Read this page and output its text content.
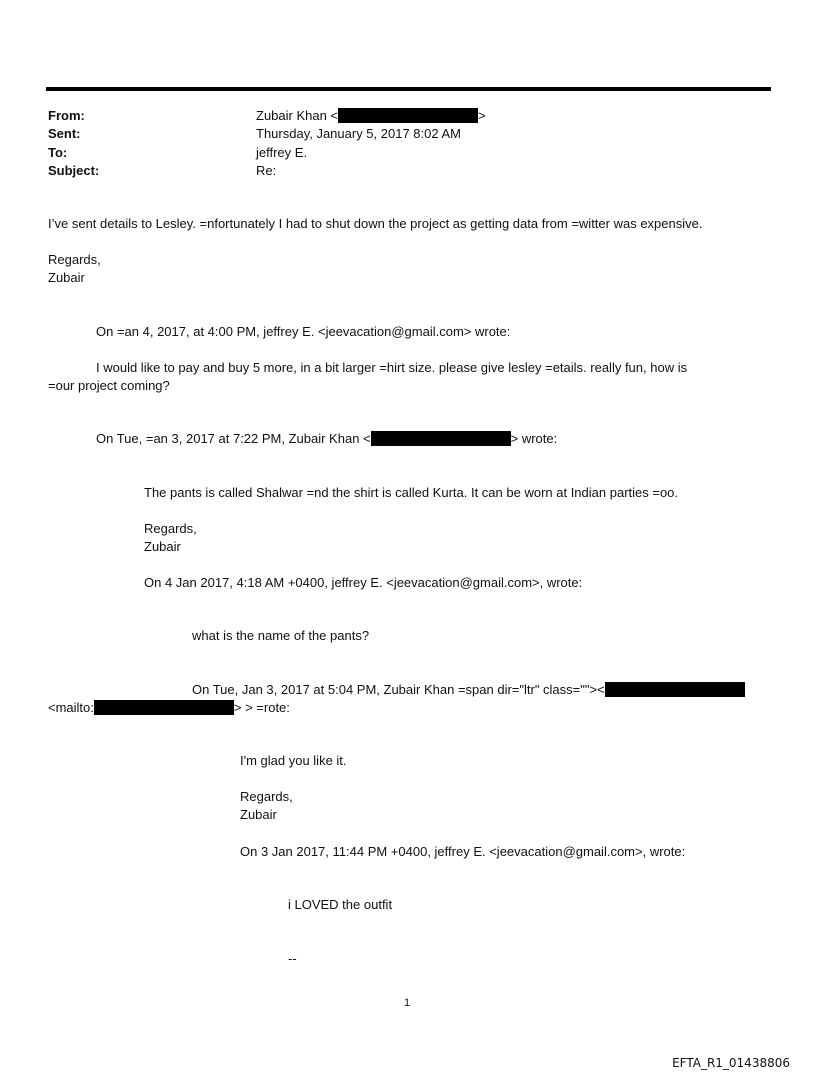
From:	Zubair Khan <	>
Sent:	Thursday, January 5, 2017 8:02 AM
To:	jeffrey E.
Subject:	Re:
I’ve sent details to Lesley. =nfortunately I had to shut down the project as getting data from =witter was expensive.
Regards,
Zubair
On =an 4, 2017, at 4:00 PM, jeffrey E. <jeevacation@gmail.com> wrote:
I would like to pay and buy 5 more, in a bit larger =hirt size. please give lesley =etails. really fun, how is
=our project coming?
On Tue, =an 3, 2017 at 7:22 PM, Zubair Khan <	> wrote:
The pants is called Shalwar =nd the shirt is called Kurta. It can be worn at Indian parties =oo.
Regards,
Zubair
On 4 Jan 2017, 4:18 AM +0400, jeffrey E. <jeevacation@gmail.com>, wrote:
what is the name of the pants?
On Tue, Jan 3, 2017 at 5:04 PM, Zubair Khan =span dir="ltr" class=""><
<mailto:	> > =rote:
I'm glad you like it.
Regards,
Zubair
On 3 Jan 2017, 11:44 PM +0400, jeffrey E. <jeevacation@gmail.com>, wrote:
i LOVED the outfit
--
1
EFTA_R1_01438806
